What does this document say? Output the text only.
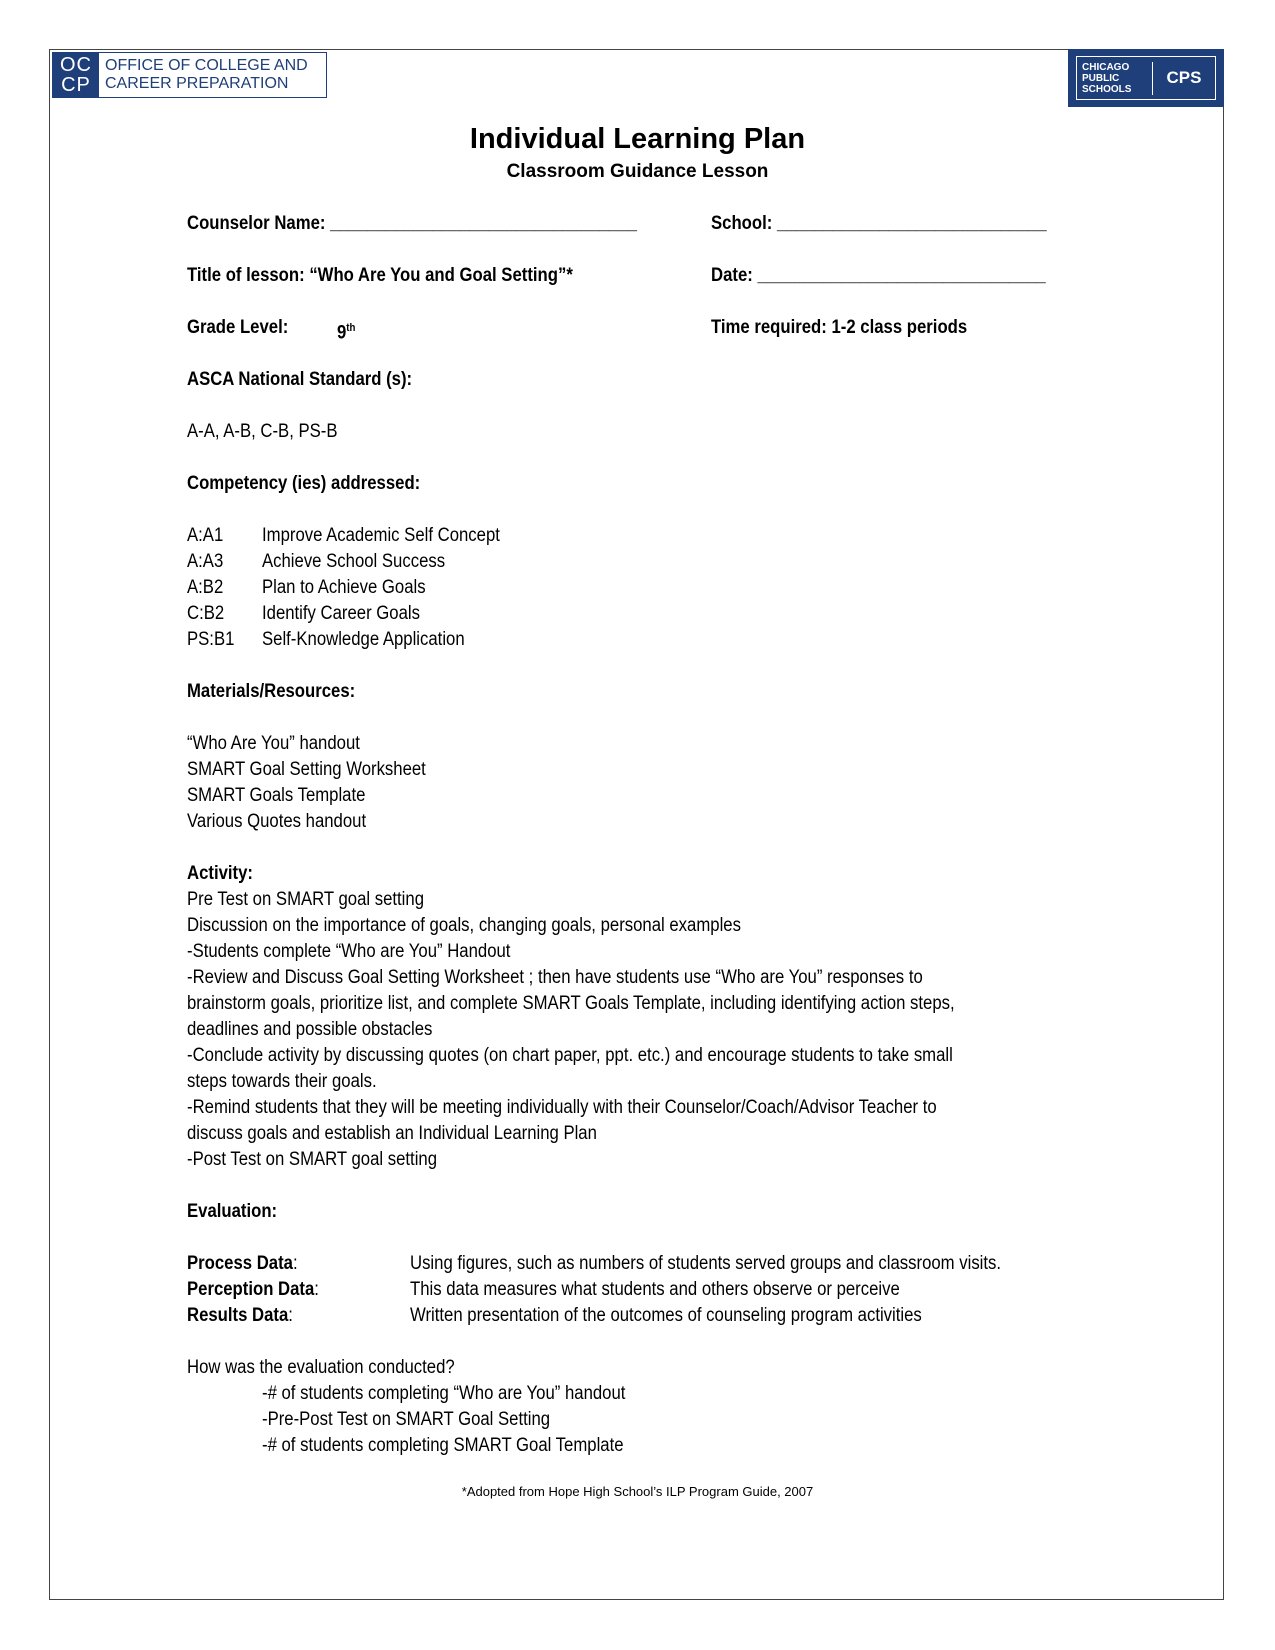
OC
CP
OFFICE OF COLLEGE AND
CAREER PREPARATION
CHICAGO
PUBLIC
SCHOOLS
CPS
Individual Learning Plan
Classroom Guidance Lesson
Counselor Name: _________________________________	School: _____________________________
Title of lesson: “Who Are You and Goal Setting”*	Date: _______________________________
Grade Level:	9th	Time required: 1-2 class periods
ASCA National Standard (s):
A-A, A-B, C-B, PS-B
Competency (ies) addressed:
A:A1 Improve Academic Self Concept
A:A3 Achieve School Success
A:B2 Plan to Achieve Goals
C:B2 Identify Career Goals
PS:B1 Self-Knowledge Application
Materials/Resources:
“Who Are You” handout
SMART Goal Setting Worksheet
SMART Goals Template
Various Quotes handout
Activity:
Pre Test on SMART goal setting
Discussion on the importance of goals, changing goals, personal examples
-Students complete “Who are You” Handout
-Review and Discuss Goal Setting Worksheet ; then have students use “Who are You” responses to
brainstorm goals, prioritize list, and complete SMART Goals Template, including identifying action steps,
deadlines and possible obstacles
-Conclude activity by discussing quotes (on chart paper, ppt. etc.) and encourage students to take small
steps towards their goals.
-Remind students that they will be meeting individually with their Counselor/Coach/Advisor Teacher to
discuss goals and establish an Individual Learning Plan
-Post Test on SMART goal setting
Evaluation:
Process Data:	Using figures, such as numbers of students served groups and classroom visits.
Perception Data:	This data measures what students and others observe or perceive
Results Data:	Written presentation of the outcomes of counseling program activities
How was the evaluation conducted?
-# of students completing “Who are You” handout
-Pre-Post Test on SMART Goal Setting
-# of students completing SMART Goal Template
*Adopted from Hope High School’s ILP Program Guide, 2007
